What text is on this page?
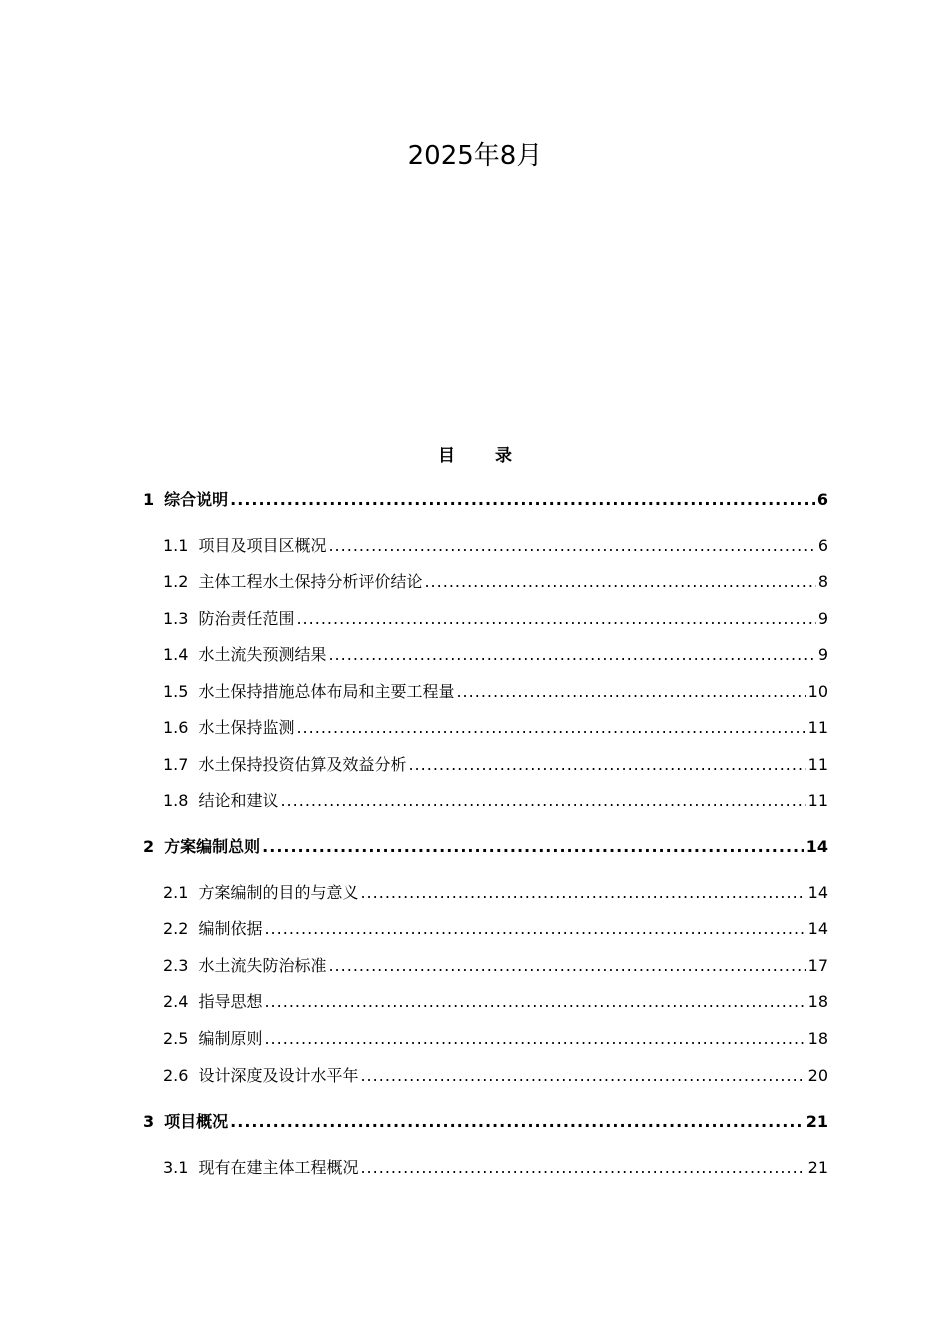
2025年8月
目 录
1 综合说明 .....	6
1.1 项目及项目区概况 .....	6
1.2 主体工程水土保持分析评价结论 .....	8
1.3 防治责任范围 .....	9
1.4 水土流失预测结果 .....	9
1.5 水土保持措施总体布局和主要工程量 .....	10
1.6 水土保持监测 .....	11
1.7 水土保持投资估算及效益分析 .....	11
1.8 结论和建议 .....	11
2 方案编制总则 .....	14
2.1 方案编制的目的与意义 .....	14
2.2 编制依据 .....	14
2.3 水土流失防治标准 .....	17
2.4 指导思想 .....	18
2.5 编制原则 .....	18
2.6 设计深度及设计水平年 .....	20
3 项目概况 .....	21
3.1 现有在建主体工程概况 .....	21
